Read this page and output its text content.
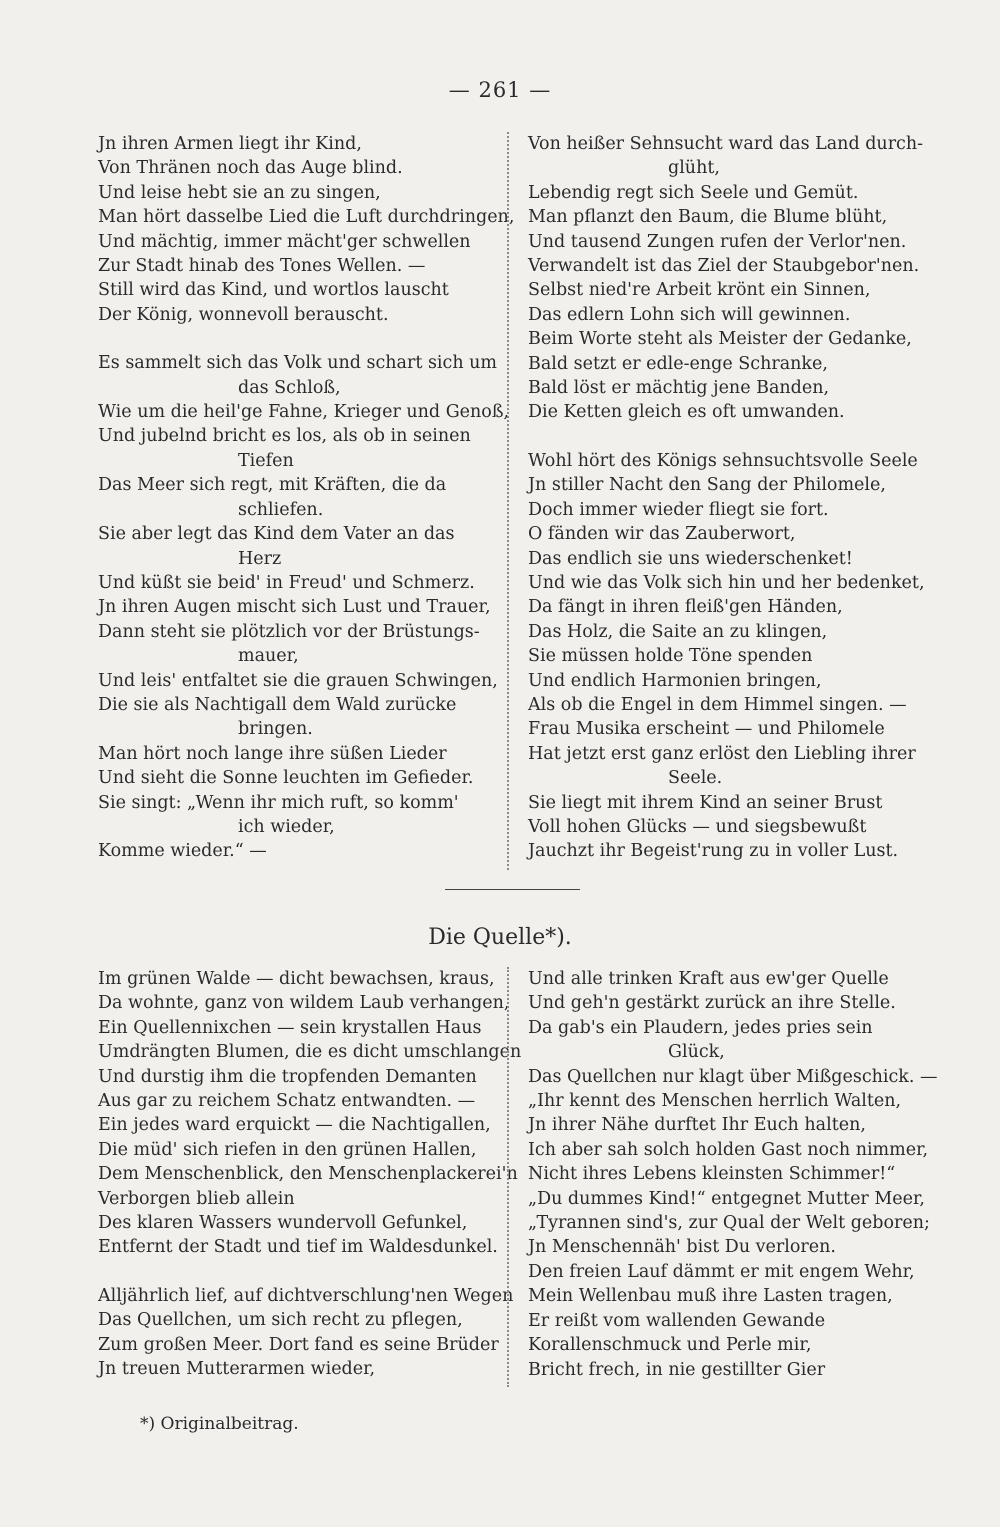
— 261 —
Jn ihren Armen liegt ihr Kind,
Von Thränen noch das Auge blind.
Und leise hebt sie an zu singen,
Man hört dasselbe Lied die Luft durchdringen,
Und mächtig, immer mächt'ger schwellen
Zur Stadt hinab des Tones Wellen. —
Still wird das Kind, und wortlos lauscht
Der König, wonnevoll berauscht.
Es sammelt sich das Volk und schart sich um
das Schloß,
Wie um die heil'ge Fahne, Krieger und Genoß,
Und jubelnd bricht es los, als ob in seinen
Tiefen
Das Meer sich regt, mit Kräften, die da
schliefen.
Sie aber legt das Kind dem Vater an das
Herz
Und küßt sie beid' in Freud' und Schmerz.
Jn ihren Augen mischt sich Lust und Trauer,
Dann steht sie plötzlich vor der Brüstungs-
mauer,
Und leis' entfaltet sie die grauen Schwingen,
Die sie als Nachtigall dem Wald zurücke
bringen.
Man hört noch lange ihre süßen Lieder
Und sieht die Sonne leuchten im Gefieder.
Sie singt: „Wenn ihr mich ruft, so komm'
ich wieder,
Komme wieder.“ —
Von heißer Sehnsucht ward das Land durch-
glüht,
Lebendig regt sich Seele und Gemüt.
Man pflanzt den Baum, die Blume blüht,
Und tausend Zungen rufen der Verlor'nen.
Verwandelt ist das Ziel der Staubgebor'nen.
Selbst nied're Arbeit krönt ein Sinnen,
Das edlern Lohn sich will gewinnen.
Beim Worte steht als Meister der Gedanke,
Bald setzt er edle-enge Schranke,
Bald löst er mächtig jene Banden,
Die Ketten gleich es oft umwanden.
Wohl hört des Königs sehnsuchtsvolle Seele
Jn stiller Nacht den Sang der Philomele,
Doch immer wieder fliegt sie fort.
O fänden wir das Zauberwort,
Das endlich sie uns wiederschenket!
Und wie das Volk sich hin und her bedenket,
Da fängt in ihren fleiß'gen Händen,
Das Holz, die Saite an zu klingen,
Sie müssen holde Töne spenden
Und endlich Harmonien bringen,
Als ob die Engel in dem Himmel singen. —
Frau Musika erscheint — und Philomele
Hat jetzt erst ganz erlöst den Liebling ihrer
Seele.
Sie liegt mit ihrem Kind an seiner Brust
Voll hohen Glücks — und siegsbewußt
Jauchzt ihr Begeist'rung zu in voller Lust.
Die Quelle*).
Im grünen Walde — dicht bewachsen, kraus,
Da wohnte, ganz von wildem Laub verhangen,
Ein Quellennixchen — sein krystallen Haus
Umdrängten Blumen, die es dicht umschlangen
Und durstig ihm die tropfenden Demanten
Aus gar zu reichem Schatz entwandten. —
Ein jedes ward erquickt — die Nachtigallen,
Die müd' sich riefen in den grünen Hallen,
Dem Menschenblick, den Menschenplackerei'n
Verborgen blieb allein
Des klaren Wassers wundervoll Gefunkel,
Entfernt der Stadt und tief im Waldesdunkel.
Alljährlich lief, auf dichtverschlung'nen Wegen
Das Quellchen, um sich recht zu pflegen,
Zum großen Meer. Dort fand es seine Brüder
Jn treuen Mutterarmen wieder,
Und alle trinken Kraft aus ew'ger Quelle
Und geh'n gestärkt zurück an ihre Stelle.
Da gab's ein Plaudern, jedes pries sein
Glück,
Das Quellchen nur klagt über Mißgeschick. —
„Ihr kennt des Menschen herrlich Walten,
Jn ihrer Nähe durftet Ihr Euch halten,
Ich aber sah solch holden Gast noch nimmer,
Nicht ihres Lebens kleinsten Schimmer!“
„Du dummes Kind!“ entgegnet Mutter Meer,
„Tyrannen sind's, zur Qual der Welt geboren;
Jn Menschennäh' bist Du verloren.
Den freien Lauf dämmt er mit engem Wehr,
Mein Wellenbau muß ihre Lasten tragen,
Er reißt vom wallenden Gewande
Korallenschmuck und Perle mir,
Bricht frech, in nie gestillter Gier
*) Originalbeitrag.
